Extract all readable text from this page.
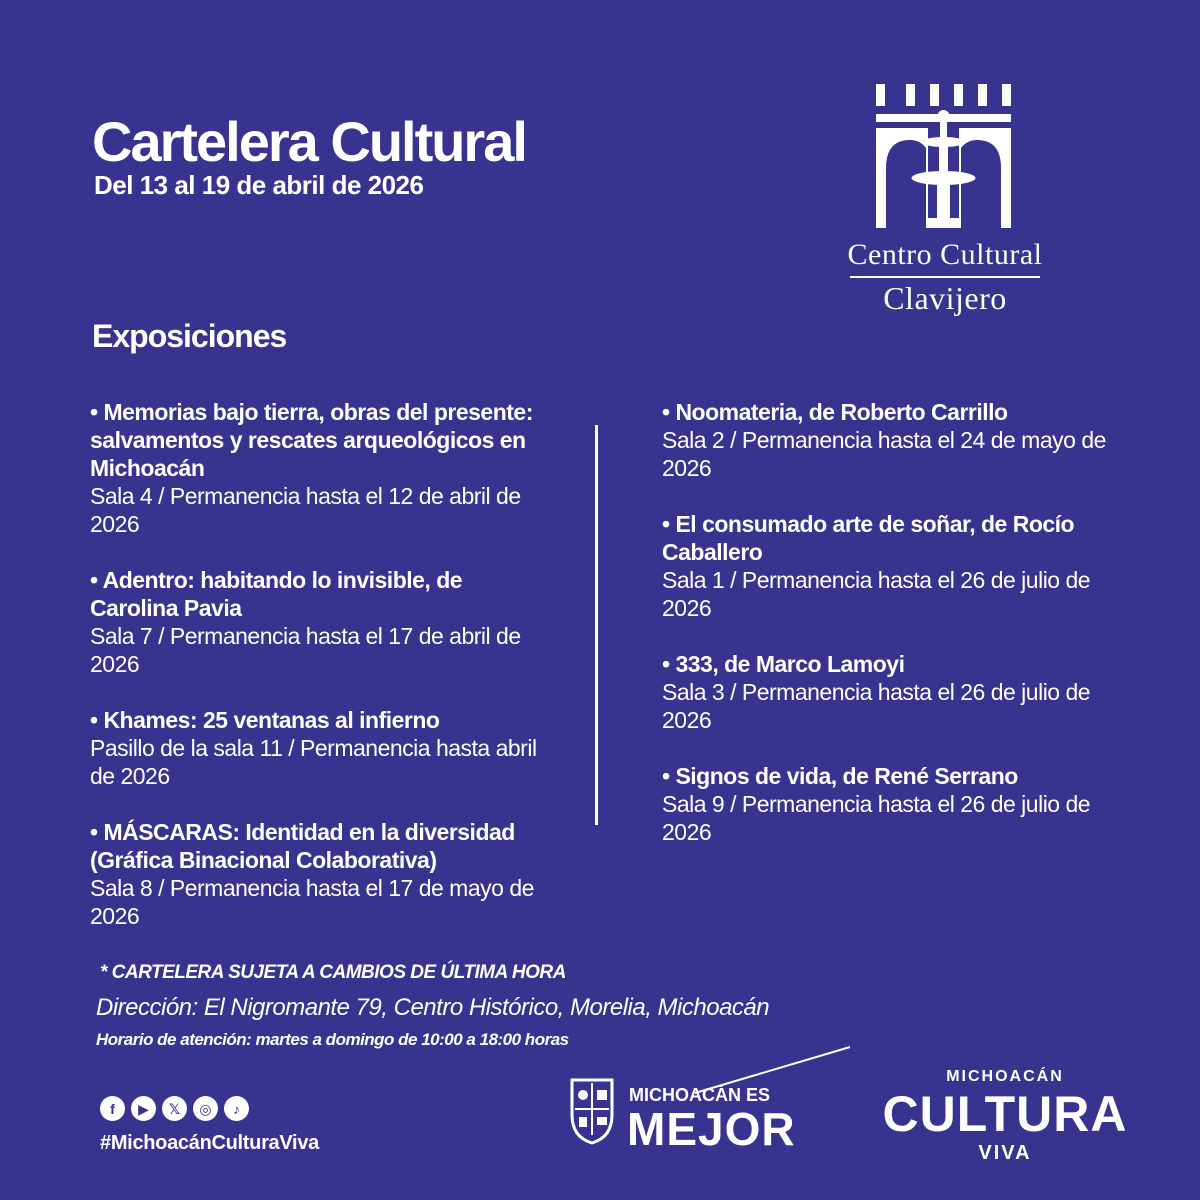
Cartelera Cultural
Del 13 al 19 de abril de 2026
Centro Cultural
Clavijero
Exposiciones
• Memorias bajo tierra, obras del presente: salvamentos y rescates arqueológicos en Michoacán
Sala 4 / Permanencia hasta el 12 de abril de 2026
• Adentro: habitando lo invisible, de Carolina Pavia
Sala 7 / Permanencia hasta el 17 de abril de 2026
• Khames: 25 ventanas al infierno
Pasillo de la sala 11 / Permanencia hasta abril de 2026
• MÁSCARAS: Identidad en la diversidad (Gráfica Binacional Colaborativa)
Sala 8 / Permanencia hasta el 17 de mayo de 2026
• Noomateria, de Roberto Carrillo
Sala 2 / Permanencia hasta el 24 de mayo de 2026
• El consumado arte de soñar, de Rocío Caballero
Sala 1 / Permanencia hasta el 26 de julio de 2026
• 333, de Marco Lamoyi
Sala 3 / Permanencia hasta el 26 de julio de 2026
• Signos de vida, de René Serrano
Sala 9 / Permanencia hasta el 26 de julio de 2026
* CARTELERA SUJETA A CAMBIOS DE ÚLTIMA HORA
Dirección: El Nigromante 79, Centro Histórico, Morelia, Michoacán
Horario de atención: martes a domingo de 10:00 a 18:00 horas
f	▶	𝕏	◎	♪
#MichoacánCulturaViva
MICHOACÁN ES
MEJOR
MICHOACÁN
CULTURA
VIVA
